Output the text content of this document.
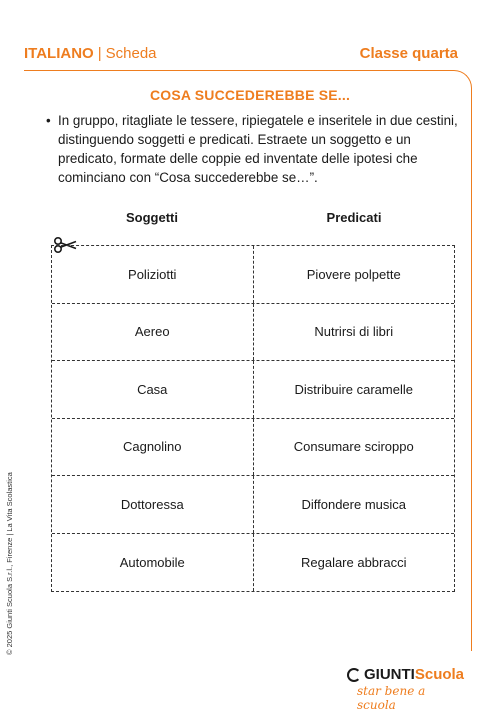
ITALIANO | Scheda	Classe quarta
COSA SUCCEDEREBBE SE...
• In gruppo, ritagliate le tessere, ripiegatele e inseritele in due cestini, distinguendo soggetti e predicati. Estraete un soggetto e un predicato, formate delle coppie ed inventate delle ipotesi che cominciano con “Cosa succederebbe se…”.

Soggetti	Predicati
Poliziotti	Piovere polpette
Aereo	Nutrirsi di libri
Casa	Distribuire caramelle
Cagnolino	Consumare sciroppo
Dottoressa	Diffondere musica
Automobile	Regalare abbracci
© 2025 Giunti Scuola S.r.l., Firenze | La Vita Scolastica
GIUNTI Scuola
star bene a scuola
